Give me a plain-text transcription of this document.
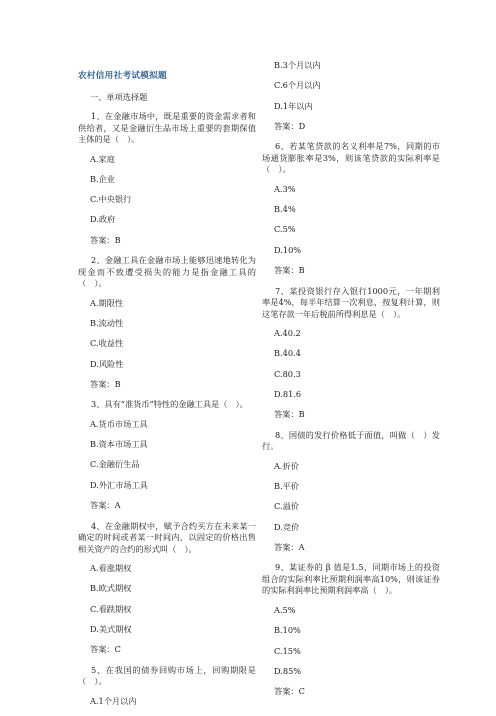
农村信用社考试模拟题
一、单项选择题
1、在金融市场中，既是重要的资金需求者和供给者，又是金融衍生品市场上重要的套期保值主体的是（　）。
A.家庭
B.企业
C.中央银行
D.政府
答案：B
2、金融工具在金融市场上能够迅速地转化为现金而不致遭受损失的能力是指金融工具的（　）。
A.期限性
B.流动性
C.收益性
D.风险性
答案：B
3、具有“准货币”特性的金融工具是（　）。
A.货币市场工具
B.资本市场工具
C.金融衍生品
D.外汇市场工具
答案：A
4、在金融期权中，赋予合约买方在未来某一确定的时间或者某一时间内，以固定的价格出售相关资产的合约的形式叫（　）。
A.看涨期权
B.欧式期权
C.看跌期权
D.美式期权
答案：C
5、在我国的债券回购市场上，回购期限是（　）。
A.1个月以内
B.3个月以内
C.6个月以内
D.1年以内
答案：D
6、若某笔贷款的名义利率是7%，同期的市场通货膨胀率是3%，则该笔贷款的实际利率是（　）。
A.3%
B.4%
C.5%
D.10%
答案：B
7、某投资银行存入银行1000元，一年期利率是4%，每半年结算一次利息，按复利计算，则这笔存款一年后税前所得利息是（　）。
A.40.2
B.40.4
C.80.3
D.81.6
答案：B
8、国债的发行价格低于面值，叫做（　）发行。
A.折价
B.平价
C.溢价
D.竞价
答案：A
9、某证券的 β 值是1.5，同期市场上的投资组合的实际利率比预期利润率高10%，则该证券的实际利润率比预期利润率高（　）。
A.5%
B.10%
C.15%
D.85%
答案：C
